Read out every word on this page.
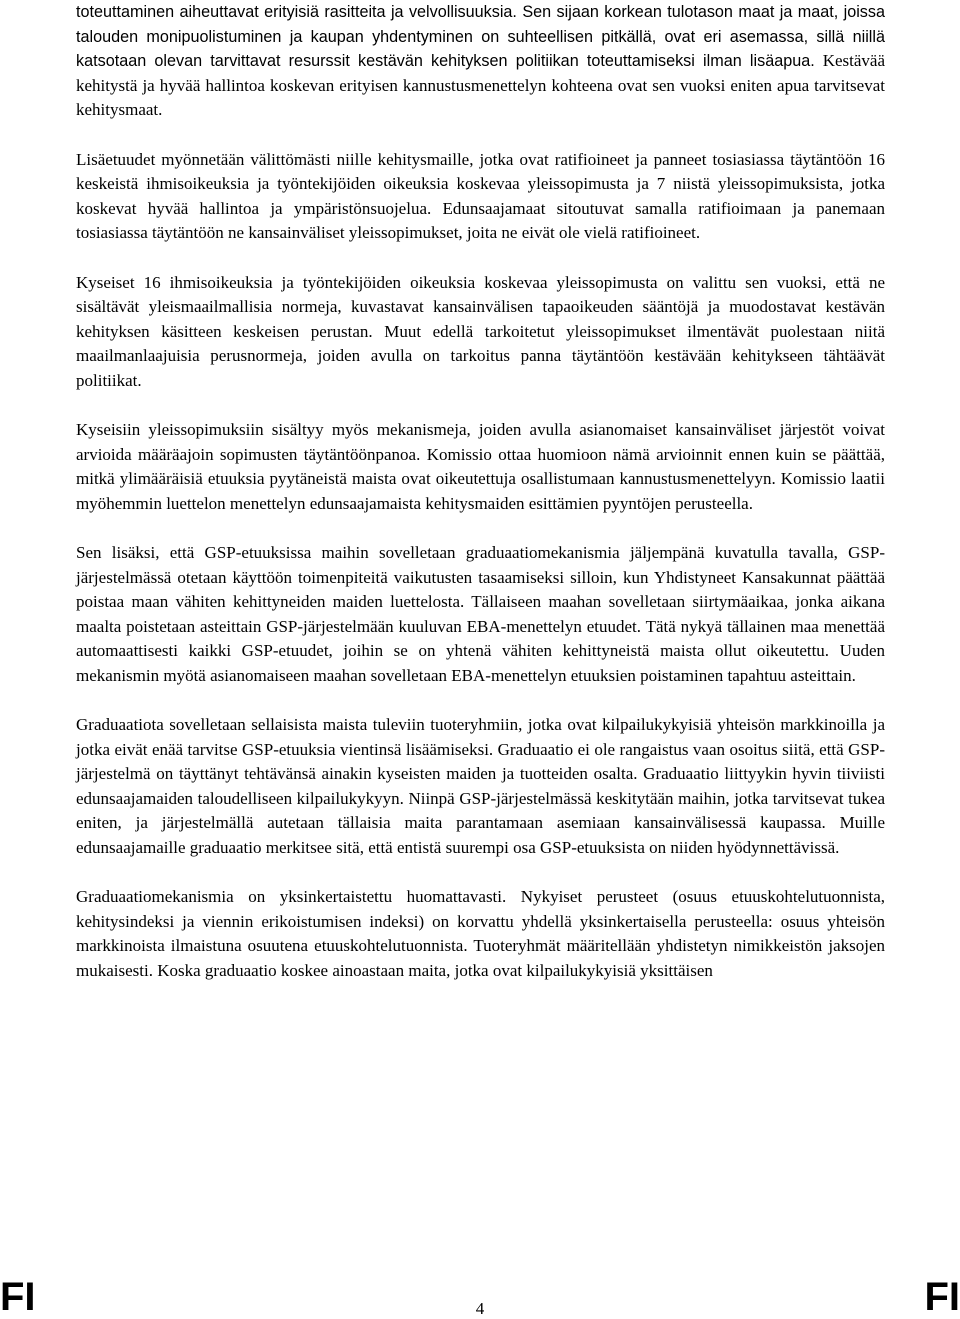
toteuttaminen aiheuttavat erityisiä rasitteita ja velvollisuuksia. Sen sijaan korkean tulotason maat ja maat, joissa talouden monipuolistuminen ja kaupan yhdentyminen on suhteellisen pitkällä, ovat eri asemassa, sillä niillä katsotaan olevan tarvittavat resurssit kestävän kehityksen politiikan toteuttamiseksi ilman lisäapua. Kestävää kehitystä ja hyvää hallintoa koskevan erityisen kannustusmenettelyn kohteena ovat sen vuoksi eniten apua tarvitsevat kehitysmaat.

Lisäetuudet myönnetään välittömästi niille kehitysmaille, jotka ovat ratifioineet ja panneet tosiasiassa täytäntöön 16 keskeistä ihmisoikeuksia ja työntekijöiden oikeuksia koskevaa yleissopimusta ja 7 niistä yleissopimuksista, jotka koskevat hyvää hallintoa ja ympäristönsuojelua. Edunsaajamaat sitoutuvat samalla ratifioimaan ja panemaan tosiasiassa täytäntöön ne kansainväliset yleissopimukset, joita ne eivät ole vielä ratifioineet.

Kyseiset 16 ihmisoikeuksia ja työntekijöiden oikeuksia koskevaa yleissopimusta on valittu sen vuoksi, että ne sisältävät yleismaailmallisia normeja, kuvastavat kansainvälisen tapaoikeuden sääntöjä ja muodostavat kestävän kehityksen käsitteen keskeisen perustan. Muut edellä tarkoitetut yleissopimukset ilmentävät puolestaan niitä maailmanlaajuisia perusnormeja, joiden avulla on tarkoitus panna täytäntöön kestävään kehitykseen tähtäävät politiikat.

Kyseisiin yleissopimuksiin sisältyy myös mekanismeja, joiden avulla asianomaiset kansainväliset järjestöt voivat arvioida määräajoin sopimusten täytäntöönpanoa. Komissio ottaa huomioon nämä arvioinnit ennen kuin se päättää, mitkä ylimääräisiä etuuksia pyytäneistä maista ovat oikeutettuja osallistumaan kannustusmenettelyyn. Komissio laatii myöhemmin luettelon menettelyn edunsaajamaista kehitysmaiden esittämien pyyntöjen perusteella.

Sen lisäksi, että GSP-etuuksissa maihin sovelletaan graduaatiomekanismia jäljempänä kuvatulla tavalla, GSP-järjestelmässä otetaan käyttöön toimenpiteitä vaikutusten tasaamiseksi silloin, kun Yhdistyneet Kansakunnat päättää poistaa maan vähiten kehittyneiden maiden luettelosta. Tällaiseen maahan sovelletaan siirtymäaikaa, jonka aikana maalta poistetaan asteittain GSP-järjestelmään kuuluvan EBA-menettelyn etuudet. Tätä nykyä tällainen maa menettää automaattisesti kaikki GSP-etuudet, joihin se on yhtenä vähiten kehittyneistä maista ollut oikeutettu. Uuden mekanismin myötä asianomaiseen maahan sovelletaan EBA-menettelyn etuuksien poistaminen tapahtuu asteittain.

Graduaatiota sovelletaan sellaisista maista tuleviin tuoteryhmiin, jotka ovat kilpailukykyisiä yhteisön markkinoilla ja jotka eivät enää tarvitse GSP-etuuksia vientinsä lisäämiseksi. Graduaatio ei ole rangaistus vaan osoitus siitä, että GSP-järjestelmä on täyttänyt tehtävänsä ainakin kyseisten maiden ja tuotteiden osalta. Graduaatio liittyykin hyvin tiiviisti edunsaajamaiden taloudelliseen kilpailukykyyn. Niinpä GSP-järjestelmässä keskitytään maihin, jotka tarvitsevat tukea eniten, ja järjestelmällä autetaan tällaisia maita parantamaan asemiaan kansainvälisessä kaupassa. Muille edunsaajamaille graduaatio merkitsee sitä, että entistä suurempi osa GSP-etuuksista on niiden hyödynnettävissä.

Graduaatiomekanismia on yksinkertaistettu huomattavasti. Nykyiset perusteet (osuus etuuskohtelutuonnista, kehitysindeksi ja viennin erikoistumisen indeksi) on korvattu yhdellä yksinkertaisella perusteella: osuus yhteisön markkinoista ilmaistuna osuutena etuuskohtelutuonnista. Tuoteryhmät määritellään yhdistetyn nimikkeistön jaksojen mukaisesti. Koska graduaatio koskee ainoastaan maita, jotka ovat kilpailukykyisiä yksittäisen

4
FI	FI
